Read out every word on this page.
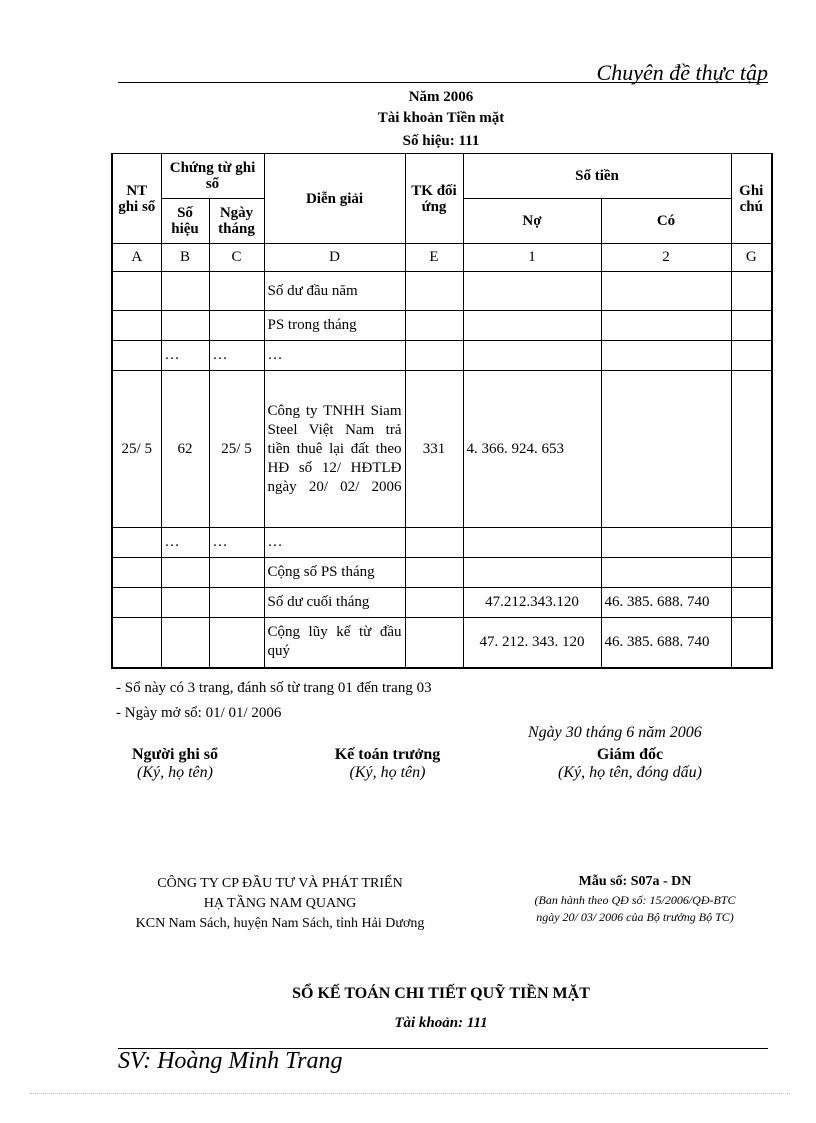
Chuyên đề thực tập
Năm 2006
Tài khoản Tiền mặt
Số hiệu: 111
NT ghi sổ	Chứng từ ghi sổ		Diễn giải	TK đối ứng	Số tiền		Ghi chú
	Số hiệu	Ngày tháng			Nợ	Có	
A	B	C	D	E	1	2	G
			Số dư đầu năm				
			PS trong tháng				
	…	…	…				
25/ 5	62	25/ 5	Công ty TNHH Siam Steel Việt Nam trả tiền thuê lại đất theo HĐ số 12/ HĐTLĐ ngày 20/ 02/ 2006	331	4. 366. 924. 653		
	…	…	…				
			Cộng số PS tháng				
			Số dư cuối tháng		47.212.343.120	46. 385. 688. 740	
			Cộng lũy kế từ đầu quý		47. 212. 343. 120	46. 385. 688. 740	
- Sổ này có 3 trang, đánh số từ trang 01 đến trang 03
- Ngày mở sổ: 01/ 01/ 2006
Ngày 30 tháng 6 năm 2006
Người ghi sổ
(Ký, họ tên)
Kế toán trưởng
(Ký, họ tên)
Giám đốc
(Ký, họ tên, đóng dấu)
CÔNG TY CP ĐẦU TƯ VÀ PHÁT TRIỂN
HẠ TẦNG NAM QUANG
KCN Nam Sách, huyện Nam Sách, tỉnh Hải Dương
Mẫu số: S07a - DN
(Ban hành theo QĐ số: 15/2006/QĐ-BTC
ngày 20/ 03/ 2006 của Bộ trưởng Bộ TC)
SỔ KẾ TOÁN CHI TIẾT QUỸ TIỀN MẶT
Tài khoản: 111
SV: Hoàng Minh Trang
